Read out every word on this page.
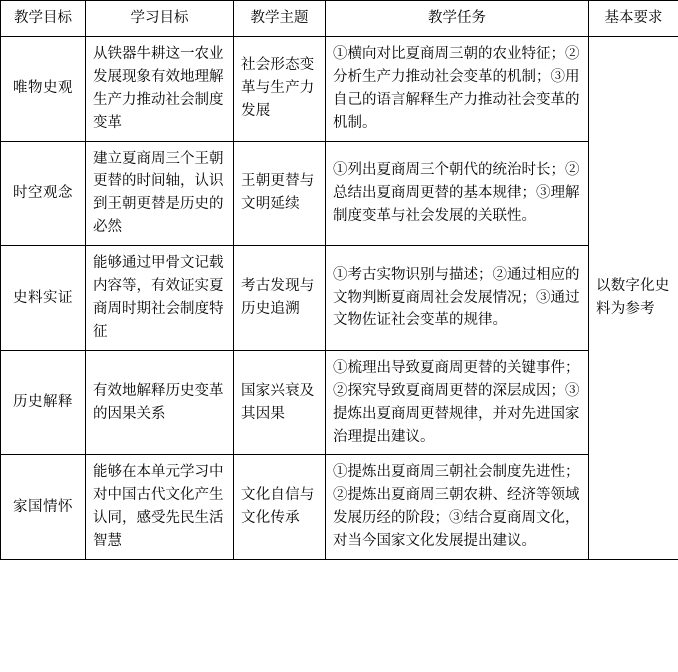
教学目标	学习目标	教学主题	教学任务	基本要求
唯物史观	从铁器牛耕这一农业发展现象有效地理解生产力推动社会制度变革	社会形态变革与生产力发展	①横向对比夏商周三朝的农业特征；②分析生产力推动社会变革的机制；③用自己的语言解释生产力推动社会变革的机制。	以数字化史料为参考
时空观念	建立夏商周三个王朝更替的时间轴，认识到王朝更替是历史的必然	王朝更替与文明延续	①列出夏商周三个朝代的统治时长；②总结出夏商周更替的基本规律；③理解制度变革与社会发展的关联性。	
史料实证	能够通过甲骨文记载内容等，有效证实夏商周时期社会制度特征	考古发现与历史追溯	①考古实物识别与描述；②通过相应的文物判断夏商周社会发展情况；③通过文物佐证社会变革的规律。	
历史解释	有效地解释历史变革的因果关系	国家兴衰及其因果	①梳理出导致夏商周更替的关键事件；②探究导致夏商周更替的深层成因；③提炼出夏商周更替规律，并对先进国家治理提出建议。	
家国情怀	能够在本单元学习中对中国古代文化产生认同，感受先民生活智慧	文化自信与文化传承	①提炼出夏商周三朝社会制度先进性；②提炼出夏商周三朝农耕、经济等领域发展历经的阶段；③结合夏商周文化，对当今国家文化发展提出建议。	
